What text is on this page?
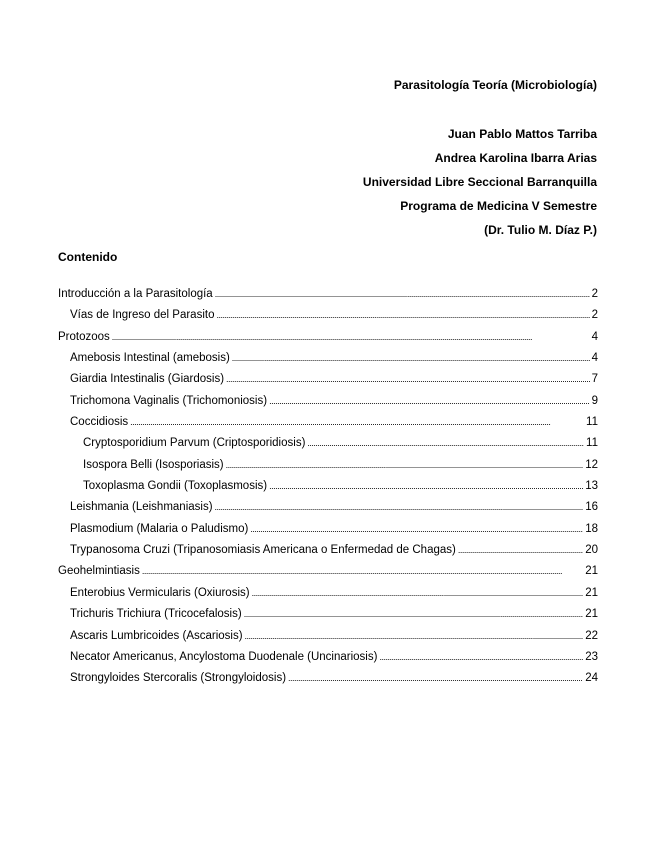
Parasitología Teoría (Microbiología)
Juan Pablo Mattos Tarriba
Andrea Karolina Ibarra Arias
Universidad Libre Seccional Barranquilla
Programa de Medicina V Semestre
(Dr. Tulio M. Díaz P.)
Contenido
Introducción a la Parasitología . . .	2
Vías de Ingreso del Parasito . . .	2
Protozoos . . .	4
Amebosis Intestinal (amebosis) . . .	4
Giardia Intestinalis (Giardosis) . . .	7
Trichomona Vaginalis (Trichomoniosis) . . .	9
Coccidiosis . . .	11
Cryptosporidium Parvum (Criptosporidiosis) . . .	11
Isospora Belli (Isosporiasis) . . .	12
Toxoplasma Gondii (Toxoplasmosis) . . .	13
Leishmania (Leishmaniasis) . . .	16
Plasmodium (Malaria o Paludismo) . . .	18
Trypanosoma Cruzi (Tripanosomiasis Americana o Enfermedad de Chagas) . . .	20
Geohelmintiasis . . .	21
Enterobius Vermicularis (Oxiurosis) . . .	21
Trichuris Trichiura (Tricocefalosis) . . .	21
Ascaris Lumbricoides (Ascariosis) . . .	22
Necator Americanus, Ancylostoma Duodenale (Uncinariosis) . . .	23
Strongyloides Stercoralis (Strongyloidosis) . . .	24
